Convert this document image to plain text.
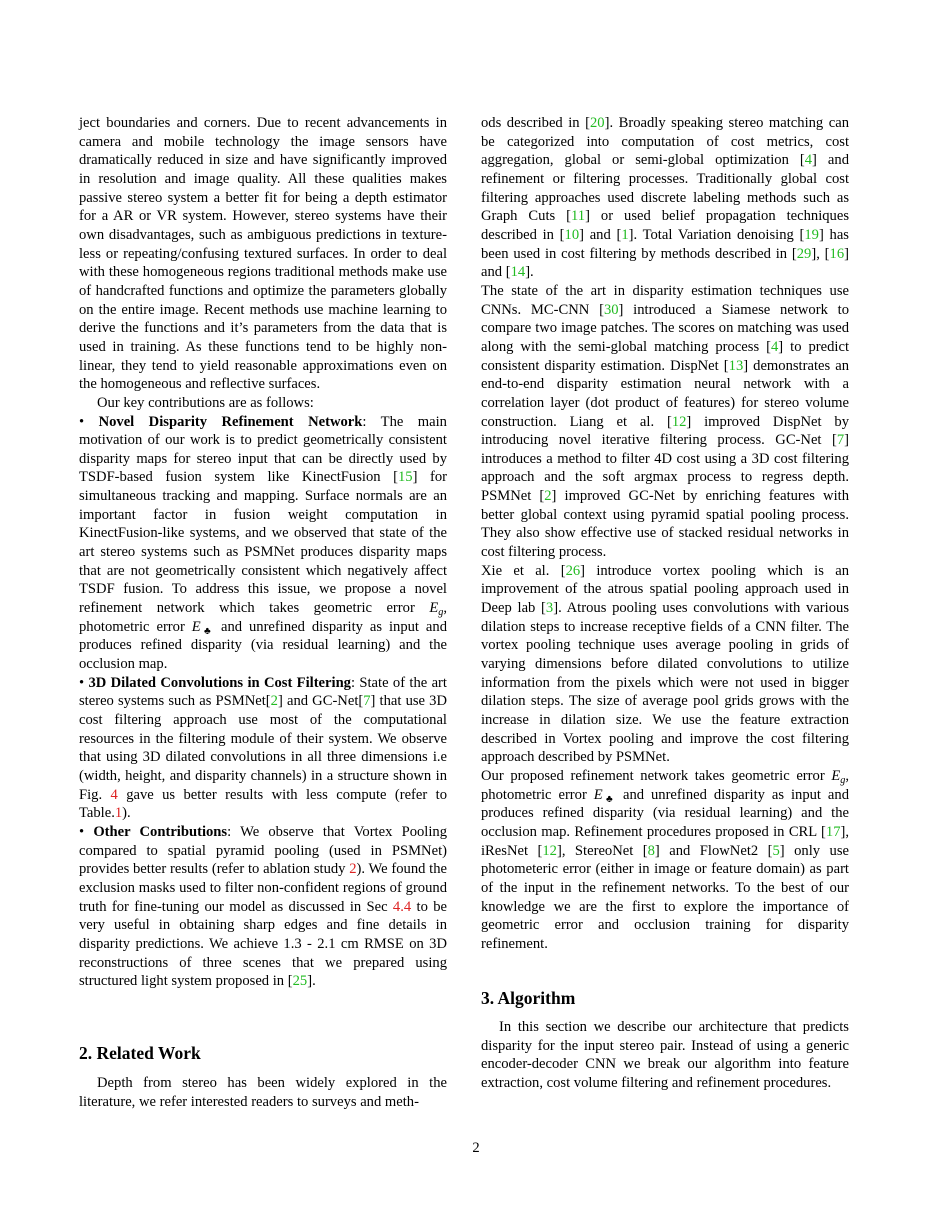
ject boundaries and corners. Due to recent advancements in camera and mobile technology the image sensors have dramatically reduced in size and have significantly improved in resolution and image quality. All these qualities makes passive stereo system a better fit for being a depth estimator for a AR or VR system. However, stereo systems have their own disadvantages, such as ambiguous predictions in texture-less or repeating/confusing textured surfaces. In order to deal with these homogeneous regions traditional methods make use of handcrafted functions and optimize the parameters globally on the entire image. Recent methods use machine learning to derive the functions and it’s parameters from the data that is used in training. As these functions tend to be highly non-linear, they tend to yield reasonable approximations even on the homogeneous and reflective surfaces.

Our key contributions are as follows:

• Novel Disparity Refinement Network: The main motivation of our work is to predict geometrically consistent disparity maps for stereo input that can be directly used by TSDF-based fusion system like KinectFusion [15] for simultaneous tracking and mapping. Surface normals are an important factor in fusion weight computation in KinectFusion-like systems, and we observed that state of the art stereo systems such as PSMNet produces disparity maps that are not geometrically consistent which negatively affect TSDF fusion. To address this issue, we propose a novel refinement network which takes geometric error $E_g$, photometric error $E_♣$ and unrefined disparity as input and produces refined disparity (via residual learning) and the occlusion map.

• 3D Dilated Convolutions in Cost Filtering: State of the art stereo systems such as PSMNet[2] and GC-Net[7] that use 3D cost filtering approach use most of the computational resources in the filtering module of their system. We observe that using 3D dilated convolutions in all three dimensions i.e (width, height, and disparity channels) in a structure shown in Fig. 4 gave us better results with less compute (refer to Table.1).

• Other Contributions: We observe that Vortex Pooling compared to spatial pyramid pooling (used in PSMNet) provides better results (refer to ablation study 2). We found the exclusion masks used to filter non-confident regions of ground truth for fine-tuning our model as discussed in Sec 4.4 to be very useful in obtaining sharp edges and fine details in disparity predictions. We achieve 1.3 - 2.1 cm RMSE on 3D reconstructions of three scenes that we prepared using structured light system proposed in [25].

2. Related Work

Depth from stereo has been widely explored in the literature, we refer interested readers to surveys and meth-

ods described in [20]. Broadly speaking stereo matching can be categorized into computation of cost metrics, cost aggregation, global or semi-global optimization [4] and refinement or filtering processes. Traditionally global cost filtering approaches used discrete labeling methods such as Graph Cuts [11] or used belief propagation techniques described in [10] and [1]. Total Variation denoising [19] has been used in cost filtering by methods described in [29], [16] and [14].

The state of the art in disparity estimation techniques use CNNs. MC-CNN [30] introduced a Siamese network to compare two image patches. The scores on matching was used along with the semi-global matching process [4] to predict consistent disparity estimation. DispNet [13] demonstrates an end-to-end disparity estimation neural network with a correlation layer (dot product of features) for stereo volume construction. Liang et al. [12] improved DispNet by introducing novel iterative filtering process. GC-Net [7] introduces a method to filter 4D cost using a 3D cost filtering approach and the soft argmax process to regress depth. PSMNet [2] improved GC-Net by enriching features with better global context using pyramid spatial pooling process. They also show effective use of stacked residual networks in cost filtering process.

Xie et al. [26] introduce vortex pooling which is an improvement of the atrous spatial pooling approach used in Deep lab [3]. Atrous pooling uses convolutions with various dilation steps to increase receptive fields of a CNN filter. The vortex pooling technique uses average pooling in grids of varying dimensions before dilated convolutions to utilize information from the pixels which were not used in bigger dilation steps. The size of average pool grids grows with the increase in dilation size. We use the feature extraction described in Vortex pooling and improve the cost filtering approach described by PSMNet.

Our proposed refinement network takes geometric error $E_g$, photometric error $E_♣$ and unrefined disparity as input and produces refined disparity (via residual learning) and the occlusion map. Refinement procedures proposed in CRL [17], iResNet [12], StereoNet [8] and FlowNet2 [5] only use photometeric error (either in image or feature domain) as part of the input in the refinement networks. To the best of our knowledge we are the first to explore the importance of geometric error and occlusion training for disparity refinement.

3. Algorithm

In this section we describe our architecture that predicts disparity for the input stereo pair. Instead of using a generic encoder-decoder CNN we break our algorithm into feature extraction, cost volume filtering and refinement procedures.

2
